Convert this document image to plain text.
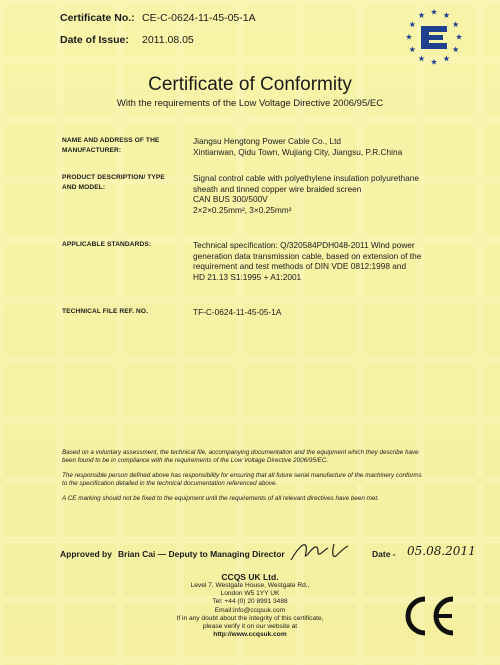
Certificate No.: CE-C-0624-11-45-05-1A
Date of Issue: 2011.08.05
Certificate of Conformity
With the requirements of the Low Voltage Directive 2006/95/EC
NAME AND ADDRESS OF THE
MANUFACTURER:
Jiangsu Hengtong Power Cable Co., Ltd
Xintianwan, Qidu Town, Wujiang City, Jiangsu, P.R.China
PRODUCT DESCRIPTION/ TYPE
AND MODEL:
Signal control cable with polyethylene insulation polyurethane
sheath and tinned copper wire braided screen
CAN BUS 300/500V
2×2×0.25mm², 3×0.25mm²
APPLICABLE STANDARDS:	Technical specification: Q/320584PDH048-2011 Wind power
generation data transmission cable, based on extension of the
requirement and test methods of DIN VDE 0812:1998 and
HD 21.13 S1:1995 + A1:2001
TECHNICAL FILE REF. NO.	TF-C-0624-11-45-05-1A
Based on a voluntary assessment, the technical file, accompanying documentation and the equipment which they describe have
been found to be in compliance with the requirements of the Low Voltage Directive 2006/95/EC.
The responsible person defined above has responsibility for ensuring that all future serial manufacture of the machinery conforms
to the specification detailed in the technical documentation referenced above.
A CE marking should not be fixed to the equipment until the requirements of all relevant directives have been met.
Approved by Brian Cai — Deputy to Managing Director	Date - 05.08.2011
CCQS UK Ltd.
Level 7, Westgate House, Westgate Rd.,
London W5 1YY UK
Tel: +44 (0) 20 8991 3488
Email:info@ccqsuk.com
If in any doubt about the integrity of this certificate,
please verify it on our website at
http://www.ccqsuk.com
